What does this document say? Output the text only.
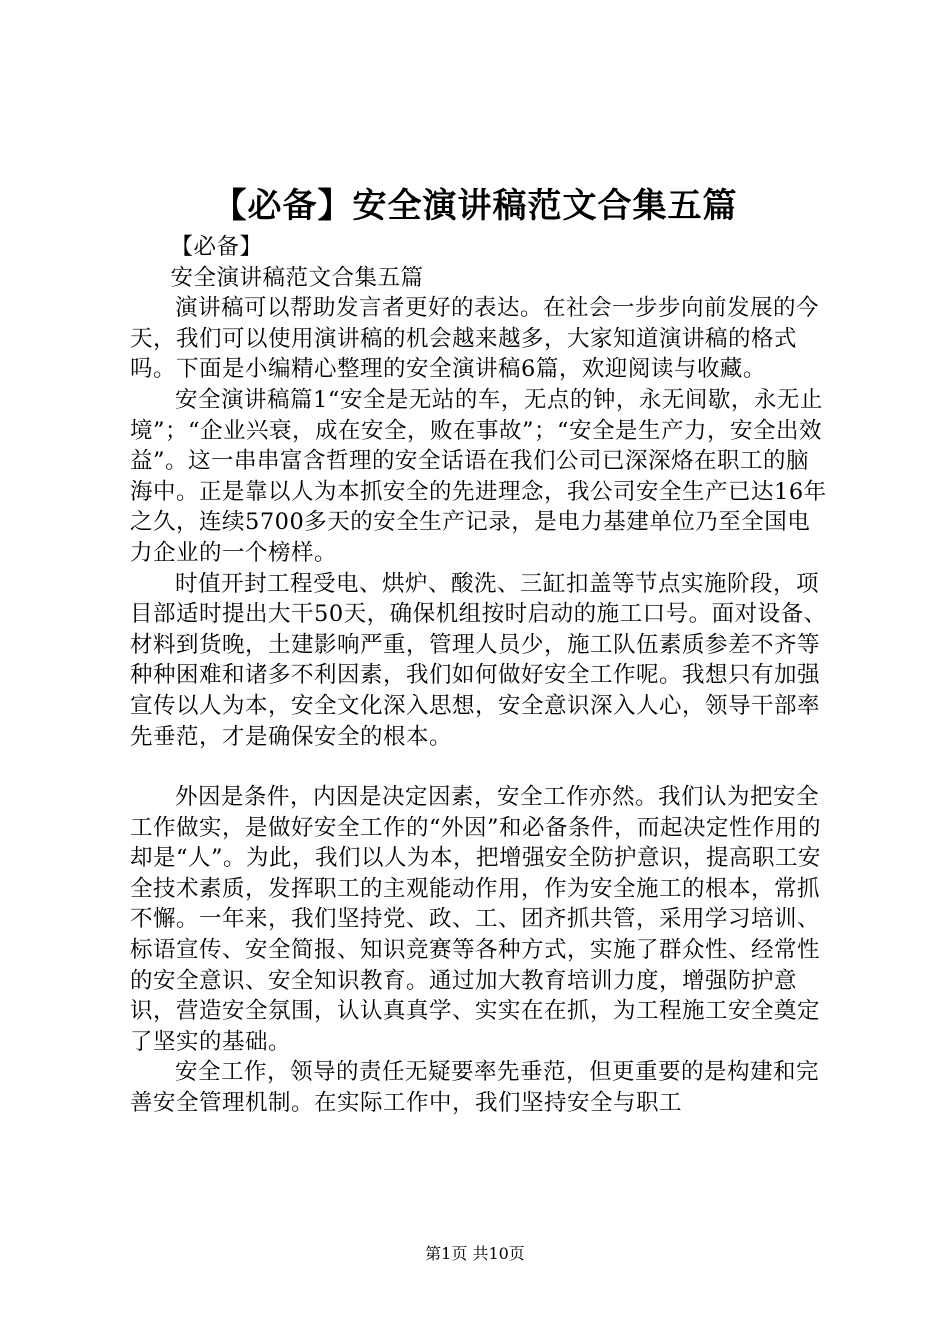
【必备】安全演讲稿范文合集五篇

【必备】

安全演讲稿范文合集五篇

演讲稿可以帮助发言者更好的表达。在社会一步步向前发展的今天，我们可以使用演讲稿的机会越来越多，大家知道演讲稿的格式吗。下面是小编精心整理的安全演讲稿6篇，欢迎阅读与收藏。

安全演讲稿篇1“安全是无站的车，无点的钟，永无间歇，永无止境”；“企业兴衰，成在安全，败在事故”；“安全是生产力，安全出效益”。这一串串富含哲理的安全话语在我们公司已深深烙在职工的脑海中。正是靠以人为本抓安全的先进理念，我公司安全生产已达16年之久，连续5700多天的安全生产记录，是电力基建单位乃至全国电力企业的一个榜样。

时值开封工程受电、烘炉、酸洗、三缸扣盖等节点实施阶段，项目部适时提出大干50天，确保机组按时启动的施工口号。面对设备、材料到货晚，土建影响严重，管理人员少，施工队伍素质参差不齐等种种困难和诸多不利因素，我们如何做好安全工作呢。我想只有加强宣传以人为本，安全文化深入思想，安全意识深入人心，领导干部率先垂范，才是确保安全的根本。

外因是条件，内因是决定因素，安全工作亦然。我们认为把安全工作做实，是做好安全工作的“外因”和必备条件，而起决定性作用的却是“人”。为此，我们以人为本，把增强安全防护意识，提高职工安全技术素质，发挥职工的主观能动作用，作为安全施工的根本，常抓不懈。一年来，我们坚持党、政、工、团齐抓共管，采用学习培训、标语宣传、安全简报、知识竞赛等各种方式，实施了群众性、经常性的安全意识、安全知识教育。通过加大教育培训力度，增强防护意识，营造安全氛围，认认真真学、实实在在抓，为工程施工安全奠定了坚实的基础。

安全工作，领导的责任无疑要率先垂范，但更重要的是构建和完善安全管理机制。在实际工作中，我们坚持安全与职工

第1页 共10页
